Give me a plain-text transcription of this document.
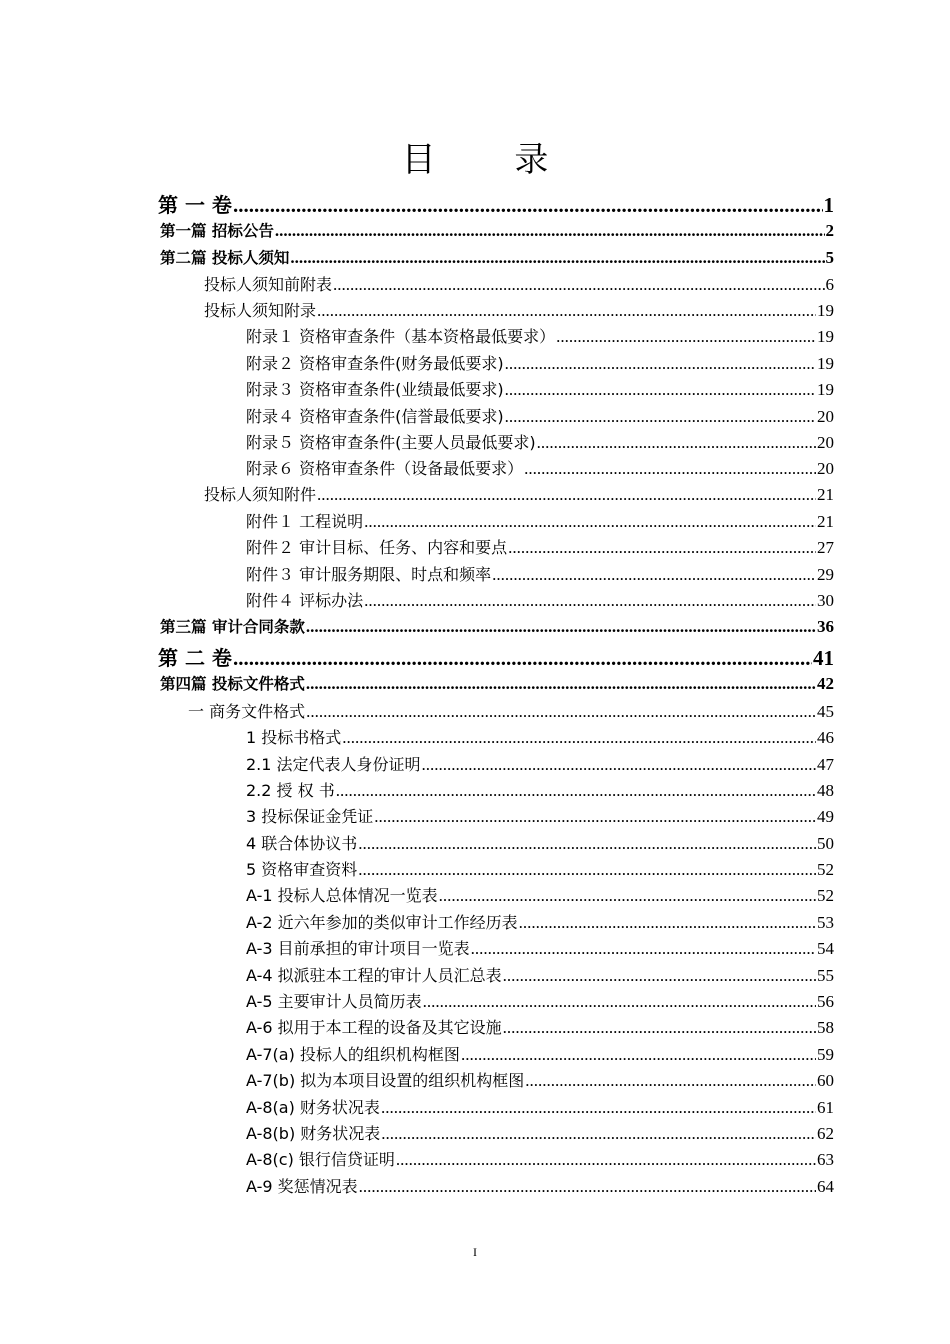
目 录
第 一 卷 .....	1
第一篇 招标公告 .....	2
第二篇 投标人须知 .....	5
投标人须知前附表 .....	6
投标人须知附录 .....	19
附录１ 资格审查条件（基本资格最低要求） .....	19
附录２ 资格审查条件(财务最低要求) .....	19
附录３ 资格审查条件(业绩最低要求) .....	19
附录４ 资格审查条件(信誉最低要求) .....	20
附录５ 资格审查条件(主要人员最低要求) .....	20
附录６ 资格审查条件（设备最低要求） .....	20
投标人须知附件 .....	21
附件１ 工程说明 .....	21
附件２ 审计目标、任务、内容和要点 .....	27
附件３ 审计服务期限、时点和频率 .....	29
附件４ 评标办法 .....	30
第三篇 审计合同条款 .....	36
第 二 卷 .....	41
第四篇 投标文件格式 .....	42
一 商务文件格式 .....	45
1 投标书格式 .....	46
2.1 法定代表人身份证明 .....	47
2.2 授 权 书 .....	48
3 投标保证金凭证 .....	49
4 联合体协议书 .....	50
5 资格审查资料 .....	52
A-1 投标人总体情况一览表 .....	52
A-2 近六年参加的类似审计工作经历表 .....	53
A-3 目前承担的审计项目一览表 .....	54
A-4 拟派驻本工程的审计人员汇总表 .....	55
A-5 主要审计人员简历表 .....	56
A-6 拟用于本工程的设备及其它设施 .....	58
A-7(a) 投标人的组织机构框图 .....	59
A-7(b) 拟为本项目设置的组织机构框图 .....	60
A-8(a) 财务状况表 .....	61
A-8(b) 财务状况表 .....	62
A-8(c) 银行信贷证明 .....	63
A-9 奖惩情况表 .....	64
I
